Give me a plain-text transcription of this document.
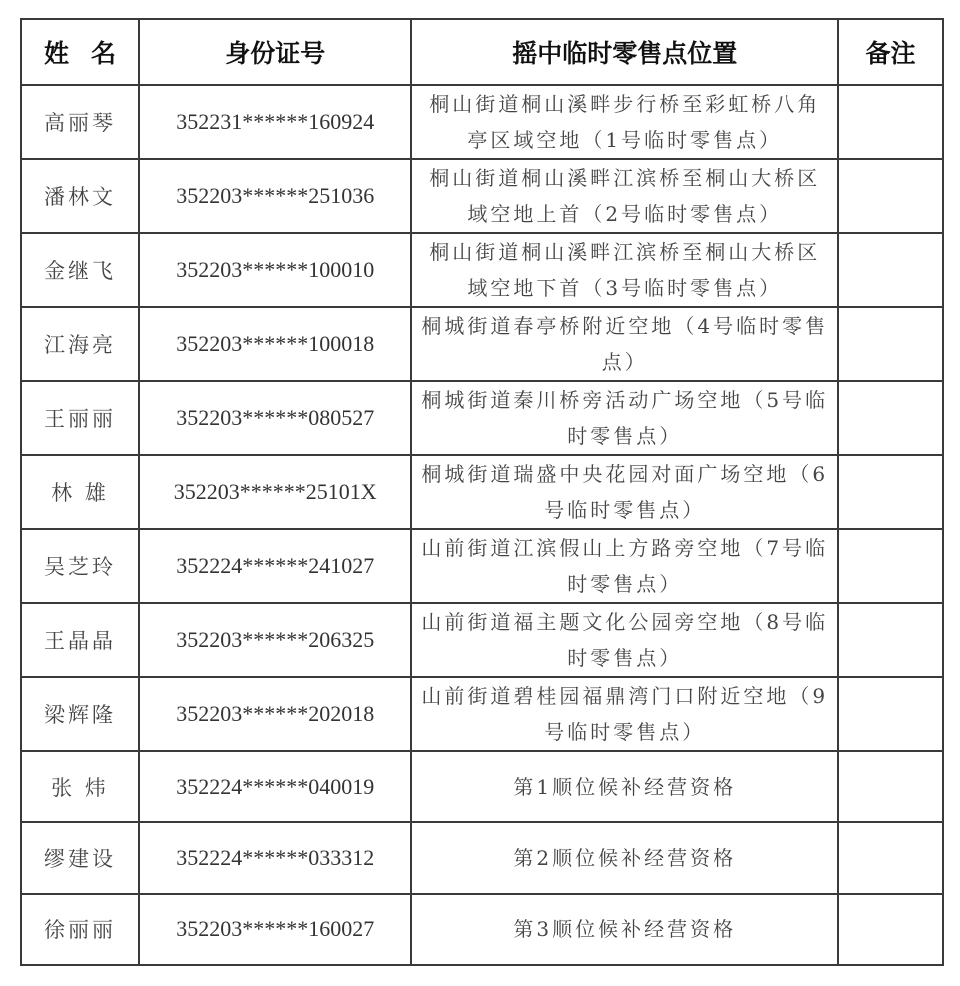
姓名	身份证号	摇中临时零售点位置	备注
高丽琴	352231******160924	桐山街道桐山溪畔步行桥至彩虹桥八角亭区域空地（1号临时零售点）	
潘林文	352203******251036	桐山街道桐山溪畔江滨桥至桐山大桥区域空地上首（2号临时零售点）	
金继飞	352203******100010	桐山街道桐山溪畔江滨桥至桐山大桥区域空地下首（3号临时零售点）	
江海亮	352203******100018	桐城街道春亭桥附近空地（4号临时零售点）	
王丽丽	352203******080527	桐城街道秦川桥旁活动广场空地（5号临时零售点）	
林 雄	352203******25101X	桐城街道瑞盛中央花园对面广场空地（6号临时零售点）	
吴芝玲	352224******241027	山前街道江滨假山上方路旁空地（7号临时零售点）	
王晶晶	352203******206325	山前街道福主题文化公园旁空地（8号临时零售点）	
梁辉隆	352203******202018	山前街道碧桂园福鼎湾门口附近空地（9号临时零售点）	
张 炜	352224******040019	第1顺位候补经营资格	
缪建设	352224******033312	第2顺位候补经营资格	
徐丽丽	352203******160027	第3顺位候补经营资格	
